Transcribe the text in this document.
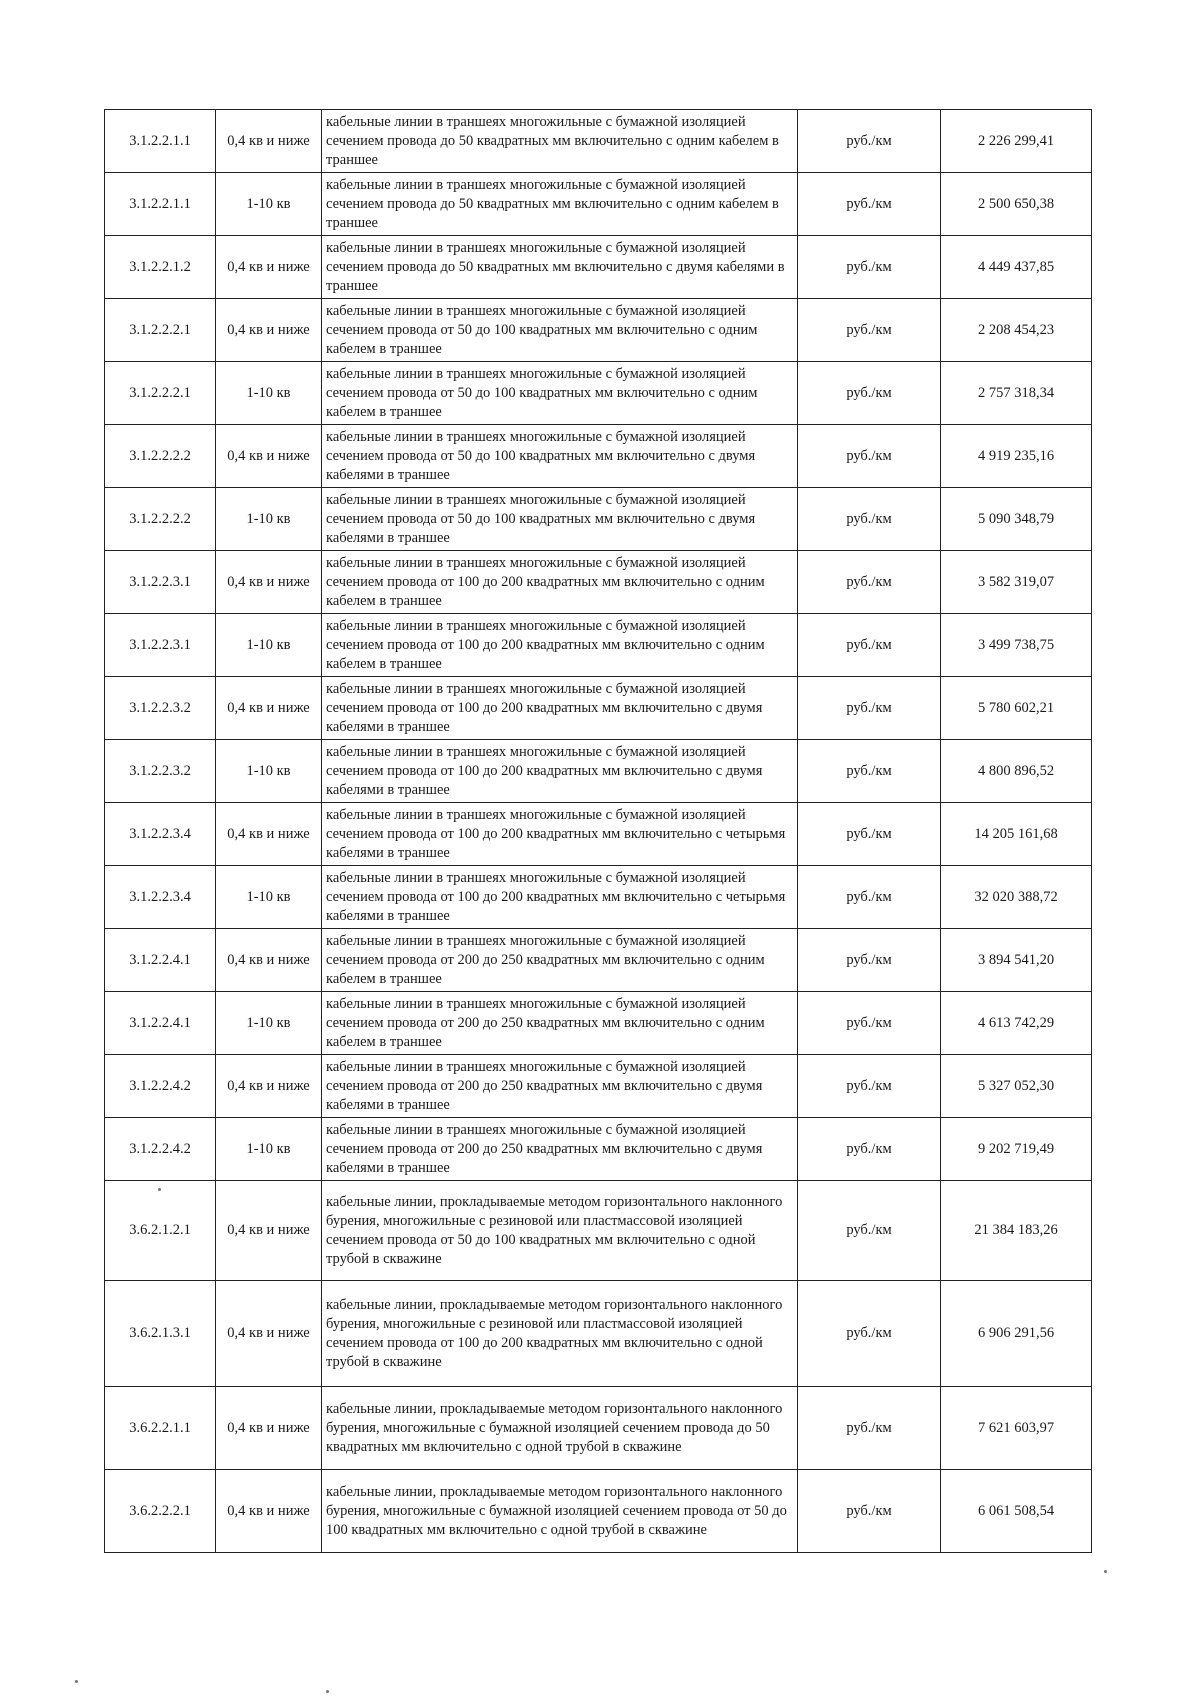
3.1.2.2.1.1	0,4 кв и ниже	кабельные линии в траншеях многожильные с бумажной изоляцией сечением провода до 50 квадратных мм включительно с одним кабелем в траншее	руб./км	2 226 299,41
3.1.2.2.1.1	1-10 кв	кабельные линии в траншеях многожильные с бумажной изоляцией сечением провода до 50 квадратных мм включительно с одним кабелем в траншее	руб./км	2 500 650,38
3.1.2.2.1.2	0,4 кв и ниже	кабельные линии в траншеях многожильные с бумажной изоляцией сечением провода до 50 квадратных мм включительно с двумя кабелями в траншее	руб./км	4 449 437,85
3.1.2.2.2.1	0,4 кв и ниже	кабельные линии в траншеях многожильные с бумажной изоляцией сечением провода от 50 до 100 квадратных мм включительно с одним кабелем в траншее	руб./км	2 208 454,23
3.1.2.2.2.1	1-10 кв	кабельные линии в траншеях многожильные с бумажной изоляцией сечением провода от 50 до 100 квадратных мм включительно с одним кабелем в траншее	руб./км	2 757 318,34
3.1.2.2.2.2	0,4 кв и ниже	кабельные линии в траншеях многожильные с бумажной изоляцией сечением провода от 50 до 100 квадратных мм включительно с двумя кабелями в траншее	руб./км	4 919 235,16
3.1.2.2.2.2	1-10 кв	кабельные линии в траншеях многожильные с бумажной изоляцией сечением провода от 50 до 100 квадратных мм включительно с двумя кабелями в траншее	руб./км	5 090 348,79
3.1.2.2.3.1	0,4 кв и ниже	кабельные линии в траншеях многожильные с бумажной изоляцией сечением провода от 100 до 200 квадратных мм включительно с одним кабелем в траншее	руб./км	3 582 319,07
3.1.2.2.3.1	1-10 кв	кабельные линии в траншеях многожильные с бумажной изоляцией сечением провода от 100 до 200 квадратных мм включительно с одним кабелем в траншее	руб./км	3 499 738,75
3.1.2.2.3.2	0,4 кв и ниже	кабельные линии в траншеях многожильные с бумажной изоляцией сечением провода от 100 до 200 квадратных мм включительно с двумя кабелями в траншее	руб./км	5 780 602,21
3.1.2.2.3.2	1-10 кв	кабельные линии в траншеях многожильные с бумажной изоляцией сечением провода от 100 до 200 квадратных мм включительно с двумя кабелями в траншее	руб./км	4 800 896,52
3.1.2.2.3.4	0,4 кв и ниже	кабельные линии в траншеях многожильные с бумажной изоляцией сечением провода от 100 до 200 квадратных мм включительно с четырьмя кабелями в траншее	руб./км	14 205 161,68
3.1.2.2.3.4	1-10 кв	кабельные линии в траншеях многожильные с бумажной изоляцией сечением провода от 100 до 200 квадратных мм включительно с четырьмя кабелями в траншее	руб./км	32 020 388,72
3.1.2.2.4.1	0,4 кв и ниже	кабельные линии в траншеях многожильные с бумажной изоляцией сечением провода от 200 до 250 квадратных мм включительно с одним кабелем в траншее	руб./км	3 894 541,20
3.1.2.2.4.1	1-10 кв	кабельные линии в траншеях многожильные с бумажной изоляцией сечением провода от 200 до 250 квадратных мм включительно с одним кабелем в траншее	руб./км	4 613 742,29
3.1.2.2.4.2	0,4 кв и ниже	кабельные линии в траншеях многожильные с бумажной изоляцией сечением провода от 200 до 250 квадратных мм включительно с двумя кабелями в траншее	руб./км	5 327 052,30
3.1.2.2.4.2	1-10 кв	кабельные линии в траншеях многожильные с бумажной изоляцией сечением провода от 200 до 250 квадратных мм включительно с двумя кабелями в траншее	руб./км	9 202 719,49
3.6.2.1.2.1	0,4 кв и ниже	кабельные линии, прокладываемые методом горизонтального наклонного бурения, многожильные с резиновой или пластмассовой изоляцией сечением провода от 50 до 100 квадратных мм включительно с одной трубой в скважине	руб./км	21 384 183,26
3.6.2.1.3.1	0,4 кв и ниже	кабельные линии, прокладываемые методом горизонтального наклонного бурения, многожильные с резиновой или пластмассовой изоляцией сечением провода от 100 до 200 квадратных мм включительно с одной трубой в скважине	руб./км	6 906 291,56
3.6.2.2.1.1	0,4 кв и ниже	кабельные линии, прокладываемые методом горизонтального наклонного бурения, многожильные с бумажной изоляцией сечением провода до 50 квадратных мм включительно с одной трубой в скважине	руб./км	7 621 603,97
3.6.2.2.2.1	0,4 кв и ниже	кабельные линии, прокладываемые методом горизонтального наклонного бурения, многожильные с бумажной изоляцией сечением провода от 50 до 100 квадратных мм включительно с одной трубой в скважине	руб./км	6 061 508,54
